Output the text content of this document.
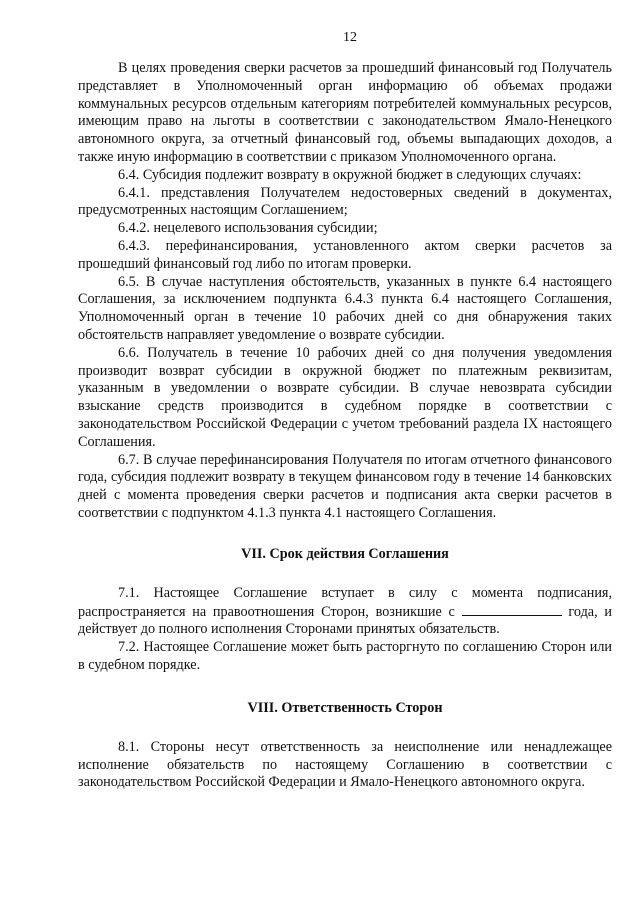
12

В целях проведения сверки расчетов за прошедший финансовый год Получатель представляет в Уполномоченный орган информацию об объемах продажи коммунальных ресурсов отдельным категориям потребителей коммунальных ресурсов, имеющим право на льготы в соответствии с законодательством Ямало-Ненецкого автономного округа, за отчетный финансовый год, объемы выпадающих доходов, а также иную информацию в соответствии с приказом Уполномоченного органа.

6.4. Субсидия подлежит возврату в окружной бюджет в следующих случаях:

6.4.1. представления Получателем недостоверных сведений в документах, предусмотренных настоящим Соглашением;

6.4.2. нецелевого использования субсидии;

6.4.3. перефинансирования, установленного актом сверки расчетов за прошедший финансовый год либо по итогам проверки.

6.5. В случае наступления обстоятельств, указанных в пункте 6.4 настоящего Соглашения, за исключением подпункта 6.4.3 пункта 6.4 настоящего Соглашения, Уполномоченный орган в течение 10 рабочих дней со дня обнаружения таких обстоятельств направляет уведомление о возврате субсидии.

6.6. Получатель в течение 10 рабочих дней со дня получения уведомления производит возврат субсидии в окружной бюджет по платежным реквизитам, указанным в уведомлении о возврате субсидии. В случае невозврата субсидии взыскание средств производится в судебном порядке в соответствии с законодательством Российской Федерации с учетом требований раздела IX настоящего Соглашения.

6.7. В случае перефинансирования Получателя по итогам отчетного финансового года, субсидия подлежит возврату в текущем финансовом году в течение 14 банковских дней с момента проведения сверки расчетов и подписания акта сверки расчетов в соответствии с подпунктом 4.1.3 пункта 4.1 настоящего Соглашения.

VII. Срок действия Соглашения

7.1. Настоящее Соглашение вступает в силу с момента подписания, распространяется на правоотношения Сторон, возникшие с	года, и действует до полного исполнения Сторонами принятых обязательств.

7.2. Настоящее Соглашение может быть расторгнуто по соглашению Сторон или в судебном порядке.

VIII. Ответственность Сторон

8.1. Стороны несут ответственность за неисполнение или ненадлежащее исполнение обязательств по настоящему Соглашению в соответствии с законодательством Российской Федерации и Ямало-Ненецкого автономного округа.
